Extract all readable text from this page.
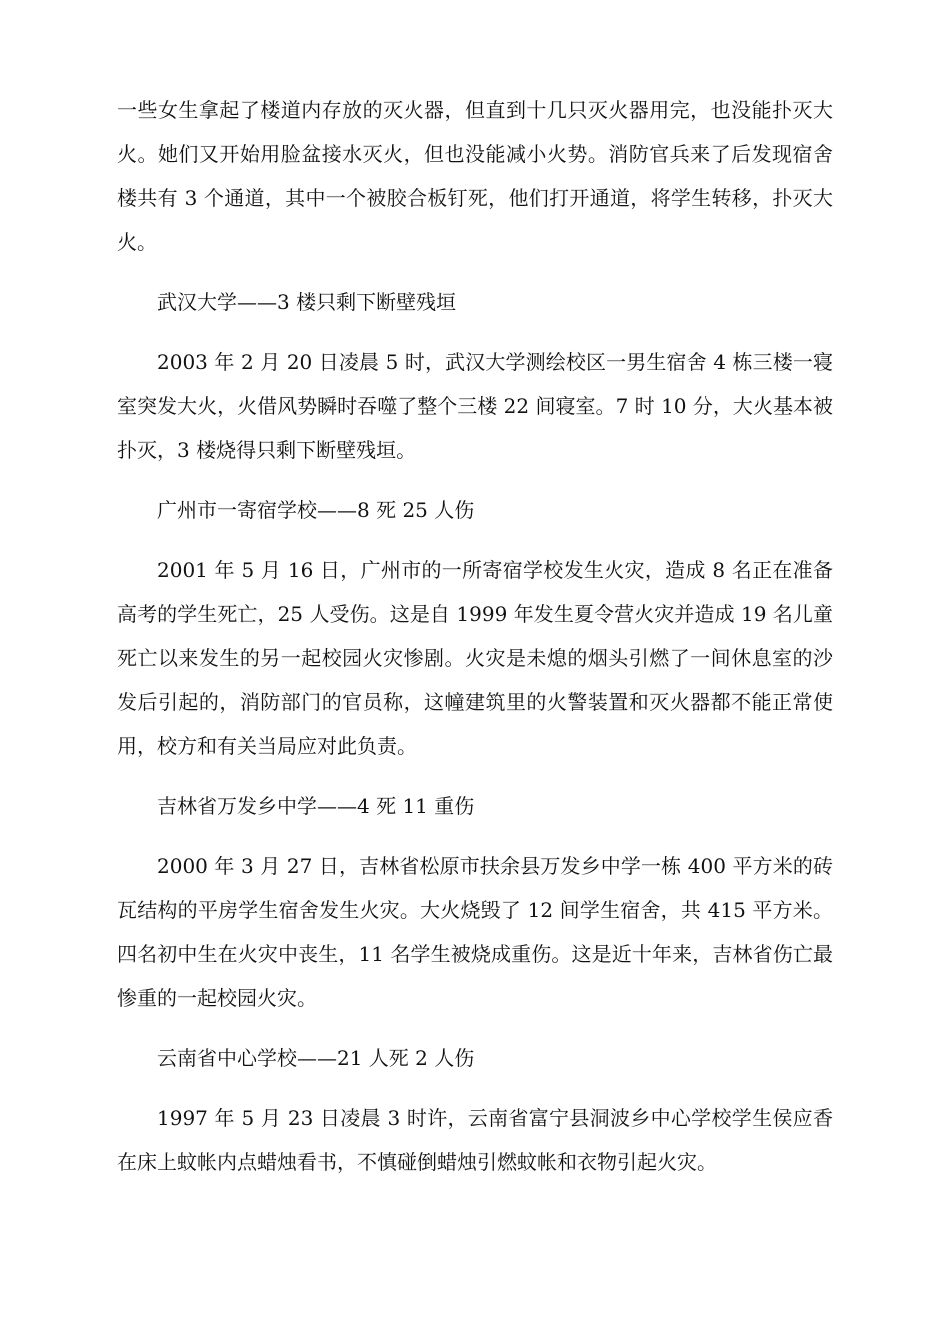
一些女生拿起了楼道内存放的灭火器，但直到十几只灭火器用完，也没能扑灭大火。她们又开始用脸盆接水灭火，但也没能减小火势。消防官兵来了后发现宿舍楼共有 3 个通道，其中一个被胶合板钉死，他们打开通道，将学生转移，扑灭大火。

武汉大学——3 楼只剩下断壁残垣

2003 年 2 月 20 日凌晨 5 时，武汉大学测绘校区一男生宿舍 4 栋三楼一寝室突发大火，火借风势瞬时吞噬了整个三楼 22 间寝室。7 时 10 分，大火基本被扑灭，3 楼烧得只剩下断壁残垣。

广州市一寄宿学校——8 死 25 人伤

2001 年 5 月 16 日，广州市的一所寄宿学校发生火灾，造成 8 名正在准备高考的学生死亡，25 人受伤。这是自 1999 年发生夏令营火灾并造成 19 名儿童死亡以来发生的另一起校园火灾惨剧。火灾是未熄的烟头引燃了一间休息室的沙发后引起的，消防部门的官员称，这幢建筑里的火警装置和灭火器都不能正常使用，校方和有关当局应对此负责。

吉林省万发乡中学——4 死 11 重伤

2000 年 3 月 27 日，吉林省松原市扶余县万发乡中学一栋 400 平方米的砖瓦结构的平房学生宿舍发生火灾。大火烧毁了 12 间学生宿舍，共 415 平方米。四名初中生在火灾中丧生，11 名学生被烧成重伤。这是近十年来，吉林省伤亡最惨重的一起校园火灾。

云南省中心学校——21 人死 2 人伤

1997 年 5 月 23 日凌晨 3 时许，云南省富宁县洞波乡中心学校学生侯应香在床上蚊帐内点蜡烛看书，不慎碰倒蜡烛引燃蚊帐和衣物引起火灾。
